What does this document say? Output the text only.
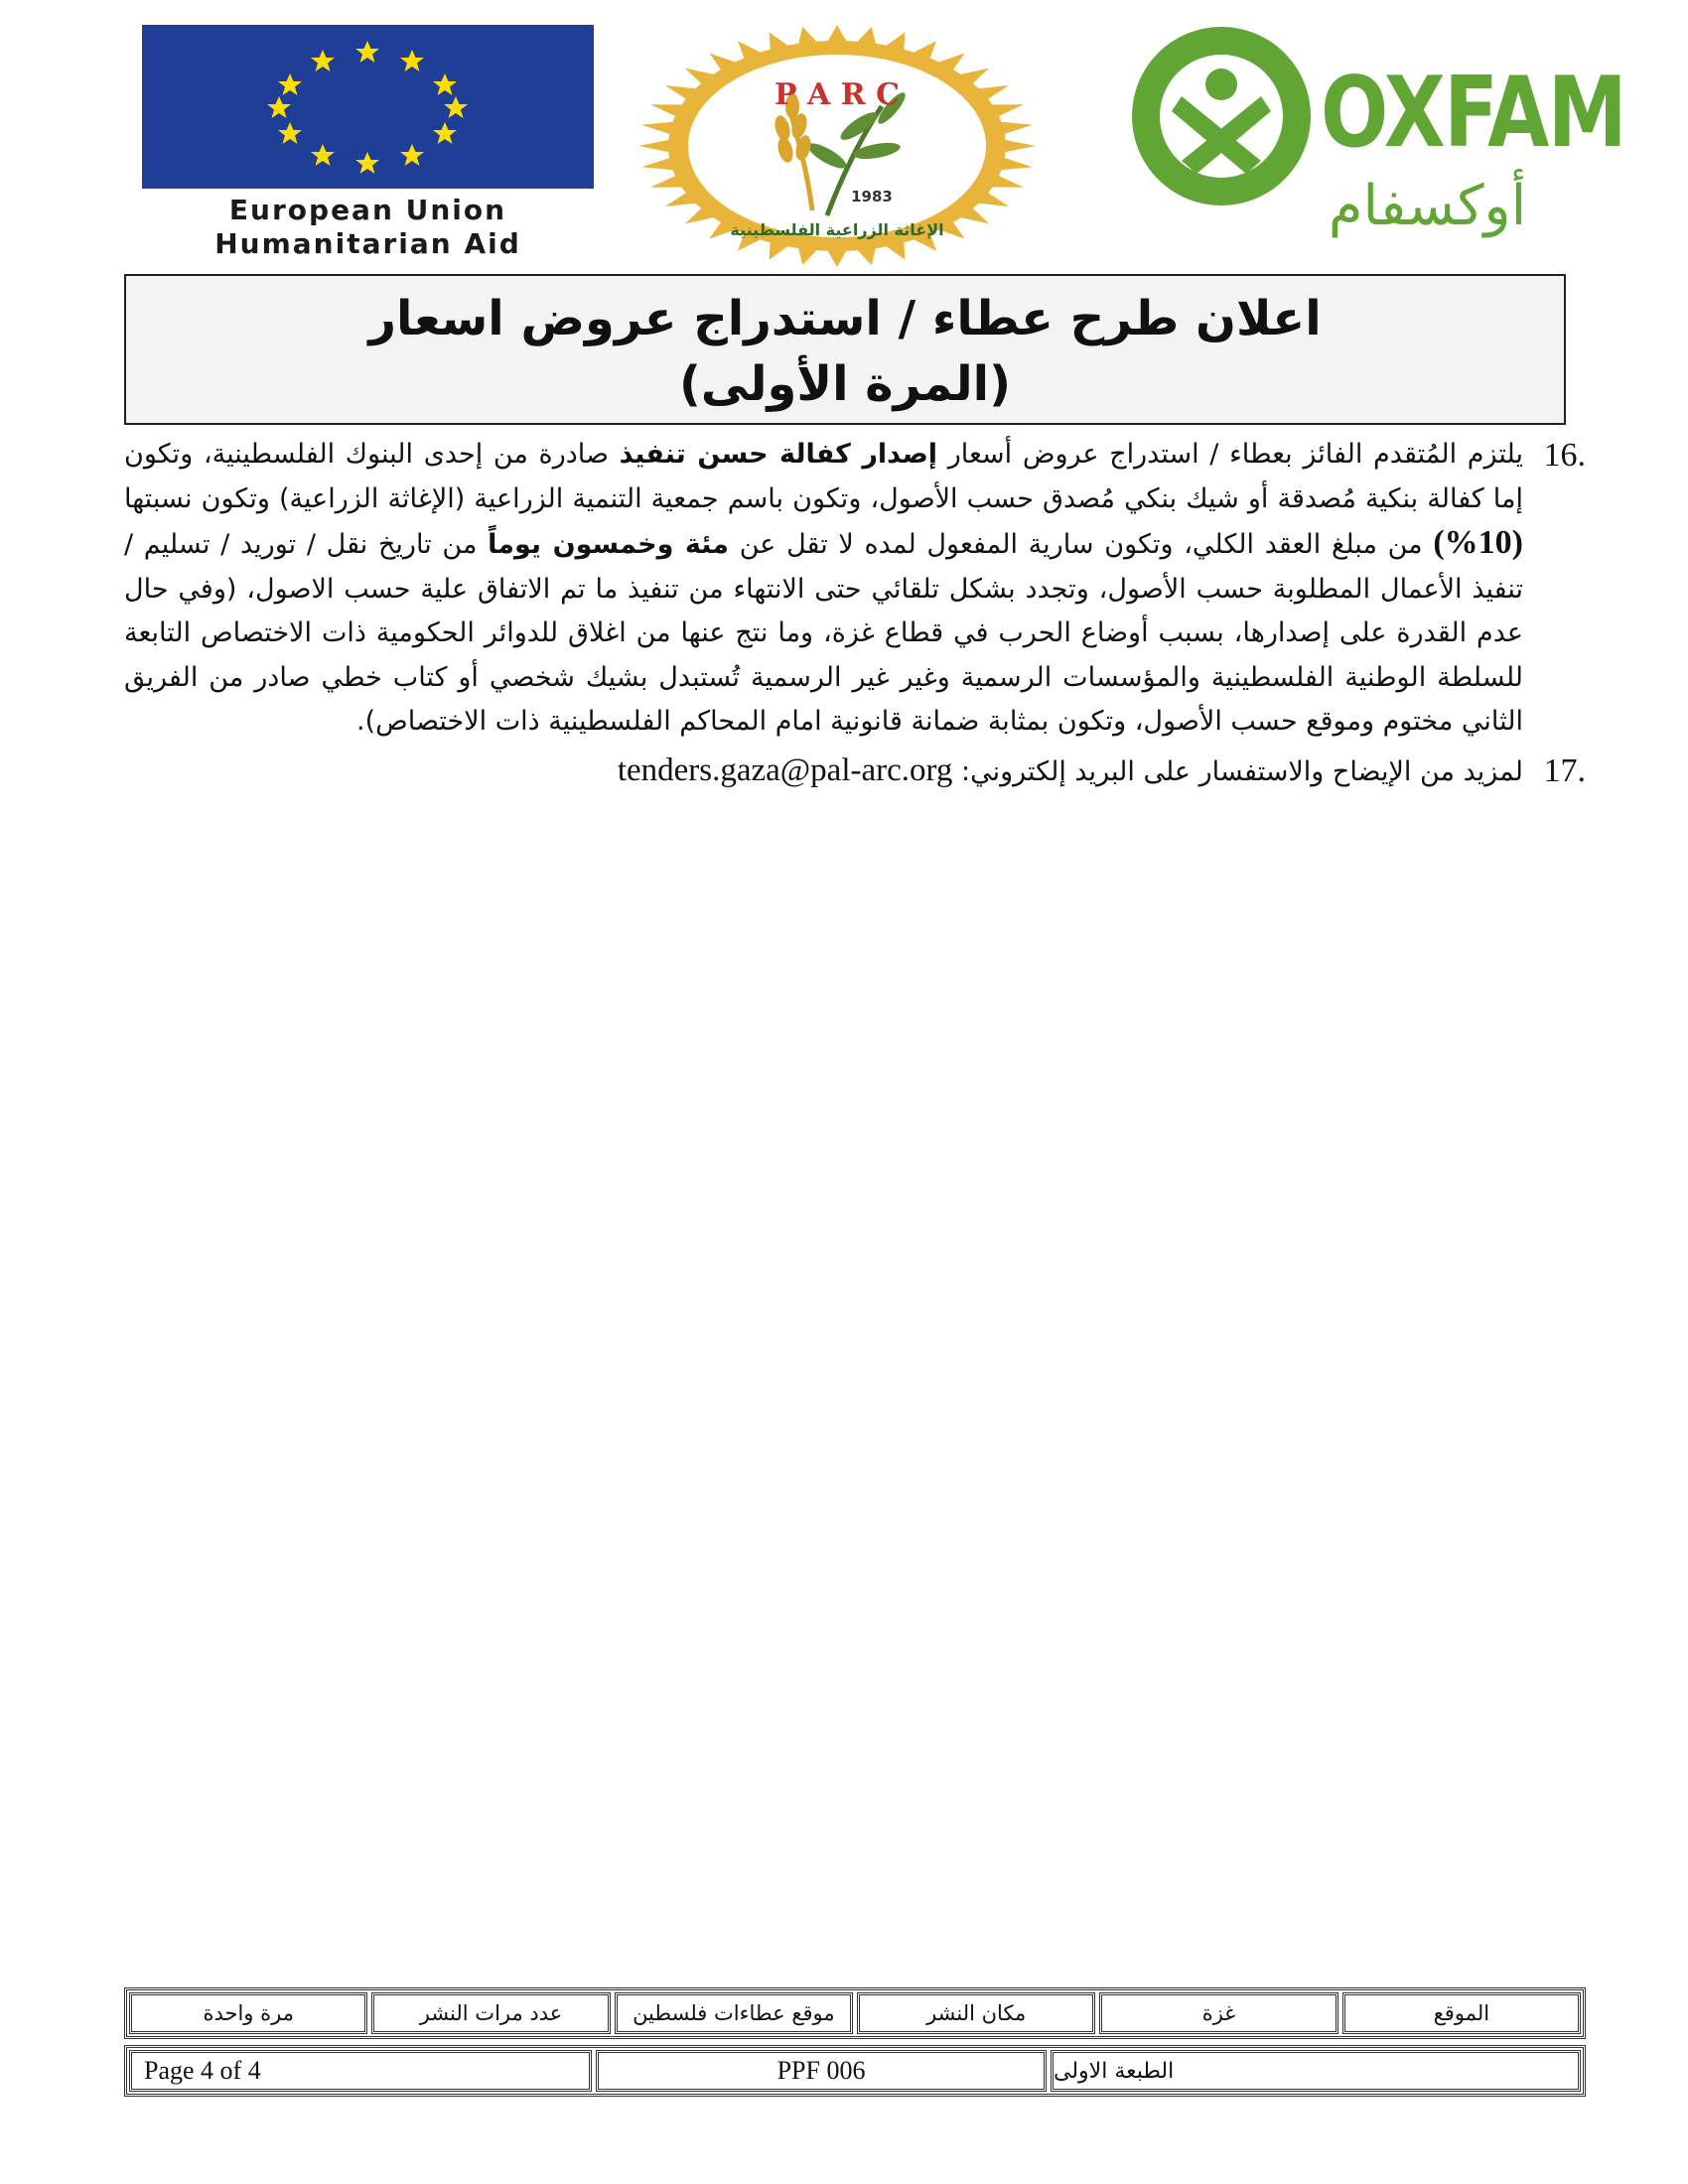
European Union
Humanitarian Aid
P A R C
1983
الإغاثة الزراعية الفلسطينية
OXFAM
أوكسفام
اعلان طرح عطاء / استدراج عروض اسعار
(المرة الأولى)
16.
يلتزم المُتقدم الفائز بعطاء / استدراج عروض أسعار إصدار كفالة حسن تنفيذ صادرة من إحدى البنوك الفلسطينية، وتكون إما كفالة بنكية مُصدقة أو شيك بنكي مُصدق حسب الأصول، وتكون باسم جمعية التنمية الزراعية (الإغاثة الزراعية) وتكون نسبتها (10%) من مبلغ العقد الكلي، وتكون سارية المفعول لمده لا تقل عن مئة وخمسون يوماً من تاريخ نقل / توريد / تسليم / تنفيذ الأعمال المطلوبة حسب الأصول، وتجدد بشكل تلقائي حتى الانتهاء من تنفيذ ما تم الاتفاق علية حسب الاصول، (وفي حال عدم القدرة على إصدارها، بسبب أوضاع الحرب في قطاع غزة، وما نتج عنها من اغلاق للدوائر الحكومية ذات الاختصاص التابعة للسلطة الوطنية الفلسطينية والمؤسسات الرسمية وغير غير الرسمية تُستبدل بشيك شخصي أو كتاب خطي صادر من الفريق الثاني مختوم وموقع حسب الأصول، وتكون بمثابة ضمانة قانونية امام المحاكم الفلسطينية ذات الاختصاص).
17.
لمزيد من الإيضاح والاستفسار على البريد إلكتروني: tenders.gaza@pal-arc.org
الموقع
غزة
مكان النشر
موقع عطاءات فلسطين
عدد مرات النشر
مرة واحدة
Page 4 of 4	PPF 006	الطبعة الاولى
